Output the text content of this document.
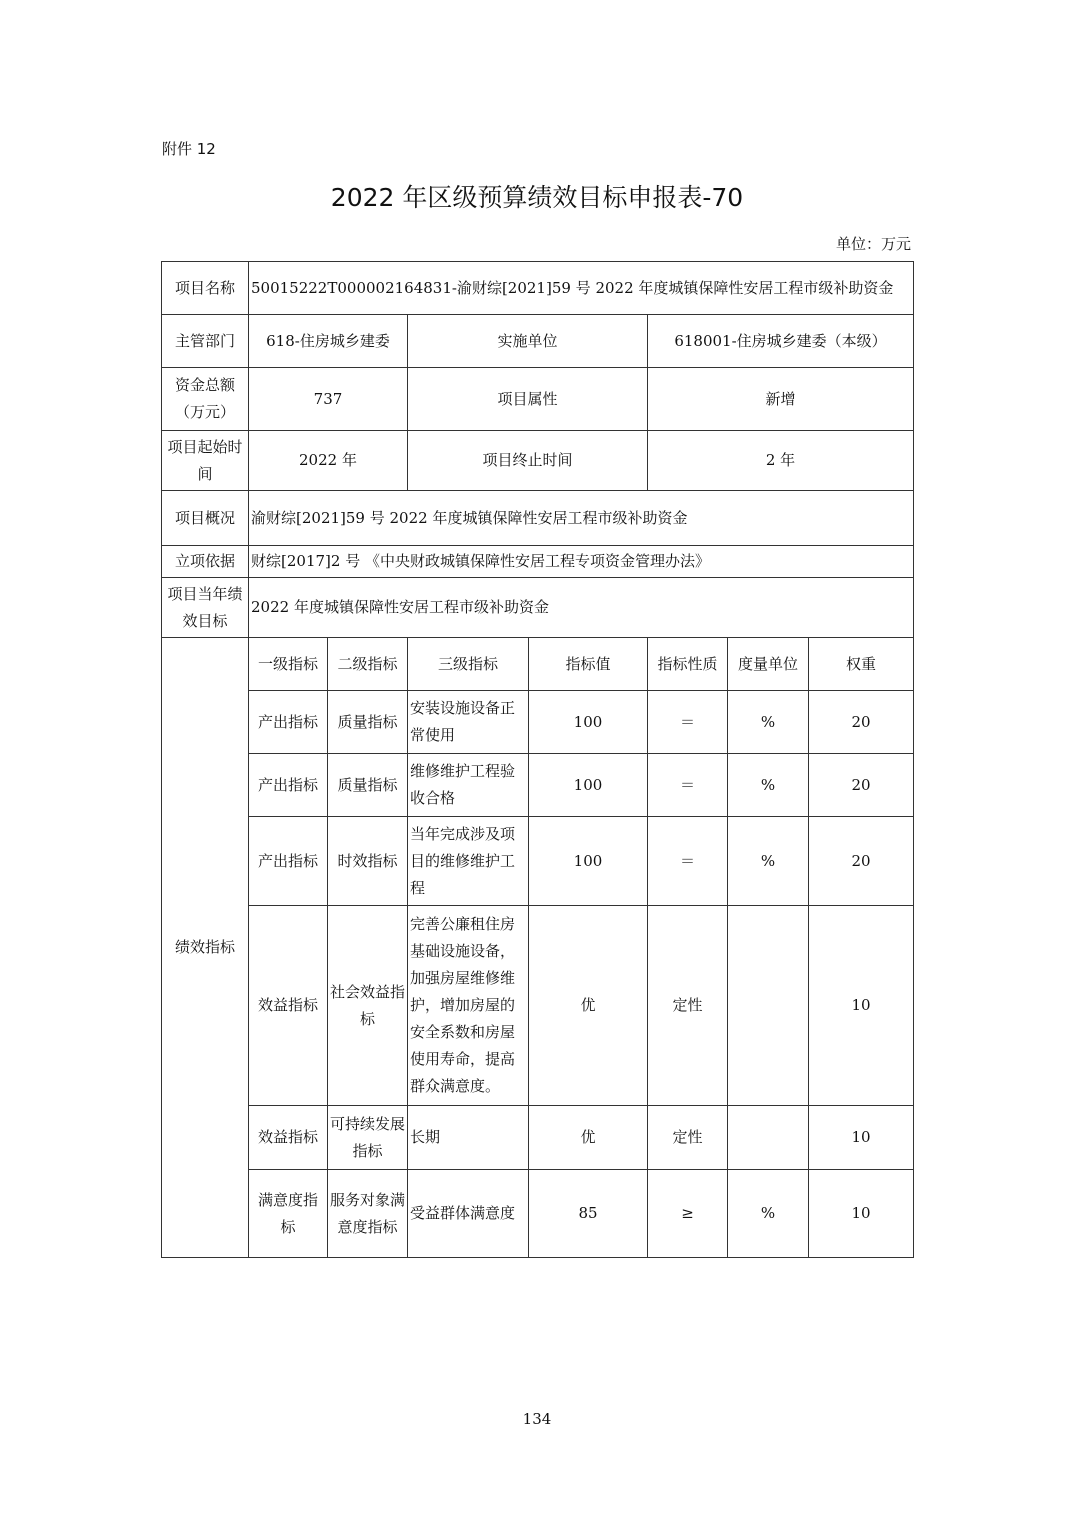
附件 12
2022 年区级预算绩效目标申报表-70
单位：万元
项目名称	50015222T000002164831-渝财综[2021]59 号 2022 年度城镇保障性安居工程市级补助资金						
主管部门	618-住房城乡建委		实施单位		618001-住房城乡建委（本级）		
资金总额（万元）	737		项目属性		新增		
项目起始时间	2022 年		项目终止时间		2 年		
项目概况	渝财综[2021]59 号 2022 年度城镇保障性安居工程市级补助资金						
立项依据	财综[2017]2 号 《中央财政城镇保障性安居工程专项资金管理办法》						
项目当年绩效目标	2022 年度城镇保障性安居工程市级补助资金						
绩效指标	一级指标	二级指标	三级指标	指标值	指标性质	度量单位	权重
	产出指标	质量指标	安装设施设备正常使用	100	＝	%	20
	产出指标	质量指标	维修维护工程验收合格	100	＝	%	20
	产出指标	时效指标	当年完成涉及项目的维修维护工程	100	＝	%	20
	效益指标	社会效益指标	完善公廉租住房基础设施设备，加强房屋维修维护，增加房屋的安全系数和房屋使用寿命，提高群众满意度。	优	定性		10
	效益指标	可持续发展指标	长期	优	定性		10
	满意度指标	服务对象满意度指标	受益群体满意度	85	≥	%	10
134
